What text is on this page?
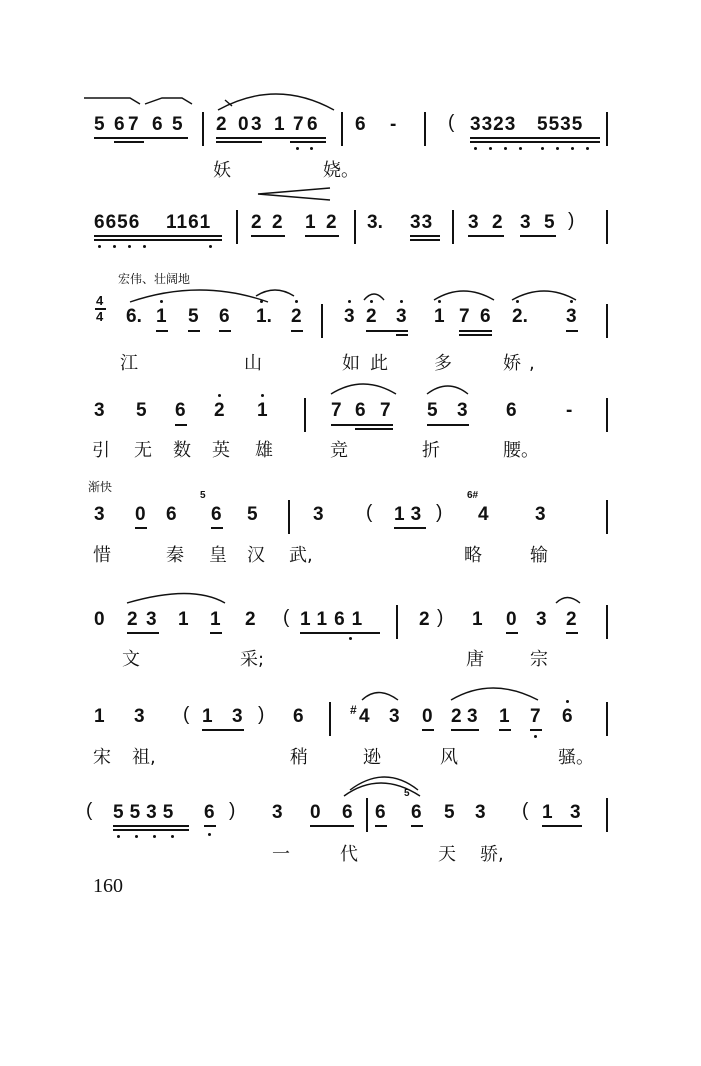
5 6 7 6 5 2 0 3 1 7 6 6 -	( 3323 5535
妖	娆。
6656 1161 2 2 1 2 3. 33 3 2 3 5 )
宏伟、壮阔地
4
4 6. 1 5 6 1. 2 3 2 3 1 7 6 2. 3
江	山	如此 多	娇,
3 5 6 2 1	7 6 7 5 3 6	-
引 无 数 英 雄	竞	折	腰。
渐快
3 0 6
5
6 5	3 ( 13 )
6#
4 3
惜	秦 皇 汉 武,	略	输
0 2 3 1 1 2 ( 1161	2 ) 1 0 3 2
文	采;	唐	宗
1 3 ( 1 3 ) 6	# 4 3 0 2 3 1 7 6
宋 祖,	稍	逊	风	骚。
( 5535 6 ) 3 0 6 6
5
6 5 3 ( 1 3
一	代	天 骄,
160
